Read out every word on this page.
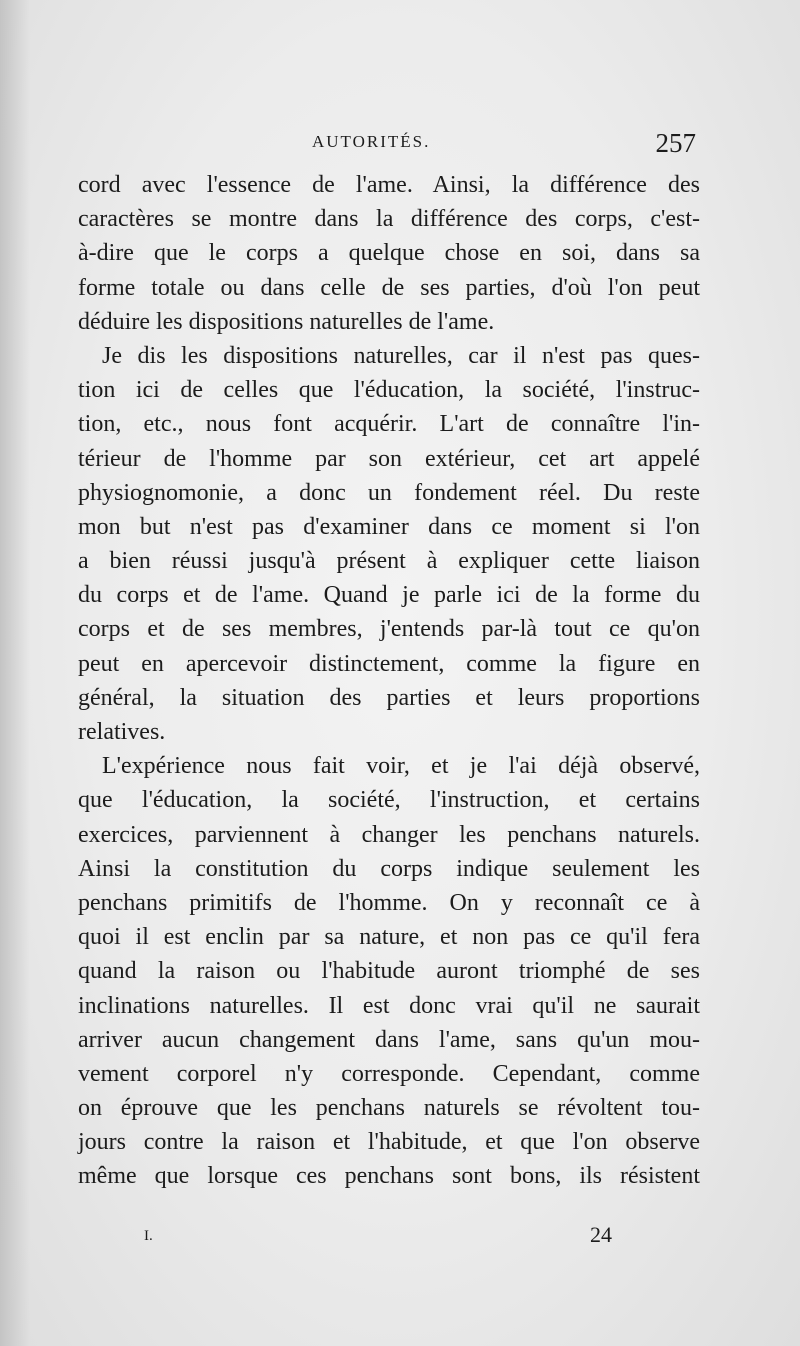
AUTORITÉS.	257
cord avec l'essence de l'ame. Ainsi, la différence des
caractères se montre dans la différence des corps, c'est-
à-dire que le corps a quelque chose en soi, dans sa
forme totale ou dans celle de ses parties, d'où l'on peut
déduire les dispositions naturelles de l'ame.
Je dis les dispositions naturelles, car il n'est pas ques-
tion ici de celles que l'éducation, la société, l'instruc-
tion, etc., nous font acquérir. L'art de connaître l'in-
térieur de l'homme par son extérieur, cet art appelé
physiognomonie, a donc un fondement réel. Du reste
mon but n'est pas d'examiner dans ce moment si l'on
a bien réussi jusqu'à présent à expliquer cette liaison
du corps et de l'ame. Quand je parle ici de la forme du
corps et de ses membres, j'entends par-là tout ce qu'on
peut en apercevoir distinctement, comme la figure en
général, la situation des parties et leurs proportions
relatives.
L'expérience nous fait voir, et je l'ai déjà observé,
que l'éducation, la société, l'instruction, et certains
exercices, parviennent à changer les penchans naturels.
Ainsi la constitution du corps indique seulement les
penchans primitifs de l'homme. On y reconnaît ce à
quoi il est enclin par sa nature, et non pas ce qu'il fera
quand la raison ou l'habitude auront triomphé de ses
inclinations naturelles. Il est donc vrai qu'il ne saurait
arriver aucun changement dans l'ame, sans qu'un mou-
vement corporel n'y corresponde. Cependant, comme
on éprouve que les penchans naturels se révoltent tou-
jours contre la raison et l'habitude, et que l'on observe
même que lorsque ces penchans sont bons, ils résistent
I.	24
